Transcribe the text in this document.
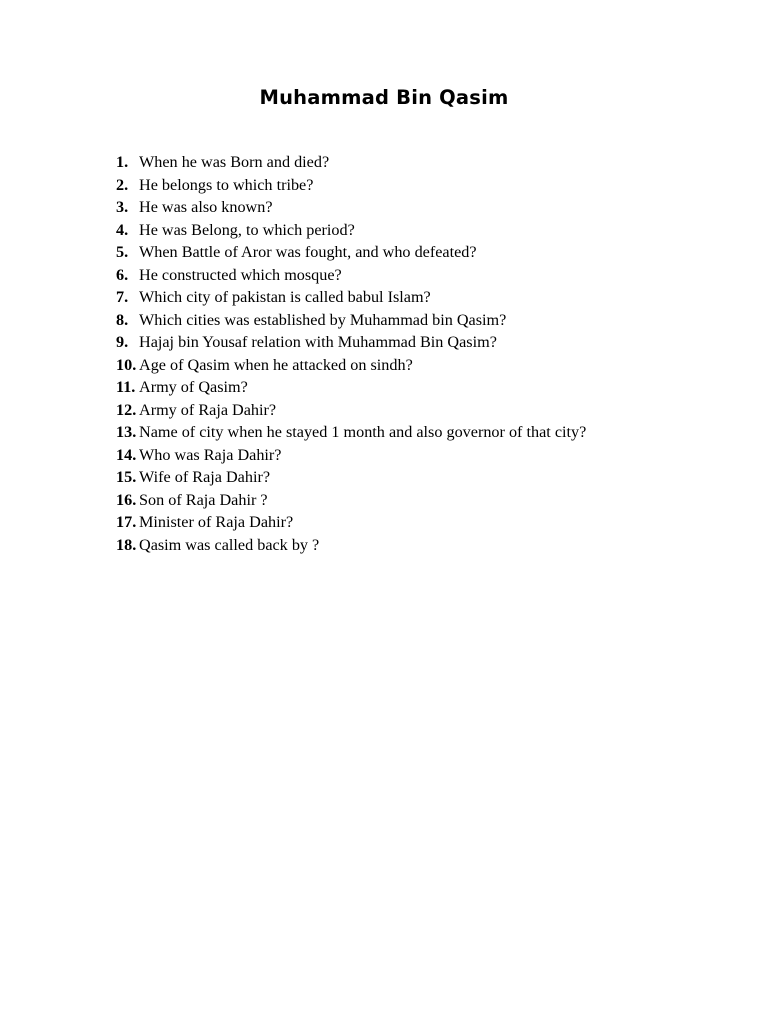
Muhammad Bin Qasim
1. When he was Born and died?
2. He belongs to which tribe?
3. He was also known?
4. He was Belong, to which period?
5. When Battle of Aror was fought, and who defeated?
6. He constructed which mosque?
7. Which city of pakistan is called babul Islam?
8. Which cities was established by Muhammad bin Qasim?
9. Hajaj bin Yousaf relation with Muhammad Bin Qasim?
10. Age of Qasim when he attacked on sindh?
11. Army of Qasim?
12. Army of Raja Dahir?
13. Name of city when he stayed 1 month and also governor of that city?
14. Who was Raja Dahir?
15. Wife of Raja Dahir?
16. Son of Raja Dahir ?
17. Minister of Raja Dahir?
18. Qasim was called back by ?
